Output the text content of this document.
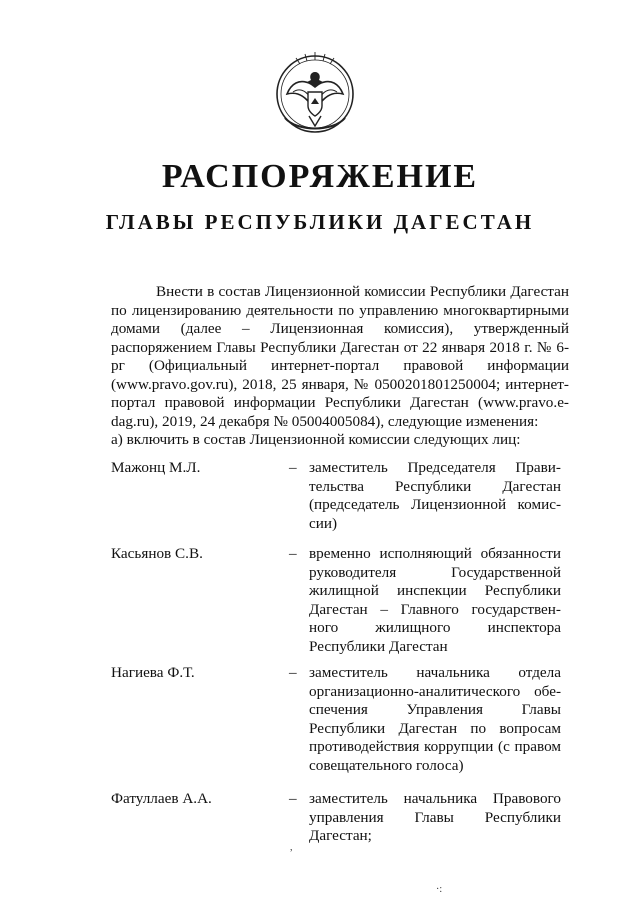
РАСПОРЯЖЕНИЕ
ГЛАВЫ РЕСПУБЛИКИ ДАГЕСТАН
Внести в состав Лицензионной комиссии Республики Дагестан по лицензированию деятельности по управлению многоквартирными домами (далее – Лицензионная комиссия), утвержденный распоряжением Главы Республики Дагестан от 22 января 2018 г. № 6-рг (Официальный интернет-портал правовой информации (www.pravo.gov.ru), 2018, 25 января, № 0500201801250004; интернет-портал правовой информации Республики Дагестан (www.pravo.e-dag.ru), 2019, 24 декабря № 05004005084), следующие изменения:
а) включить в состав Лицензионной комиссии следующих лиц:
Мажонц М.Л.	– заместитель Председателя Прави-тельства Республики Дагестан (председатель Лицензионной комис-сии)
Касьянов С.В.	– временно исполняющий обязанности руководителя Государственной жилищной инспекции Республики Дагестан – Главного государствен-ного жилищного инспектора Республики Дагестан
Нагиева Ф.Т.	– заместитель начальника отдела организационно-аналитического обе-спечения Управления Главы Республики Дагестан по вопросам противодействия коррупции (с правом совещательного голоса)
Фатуллаев А.А.	– заместитель начальника Правового управления Главы Республики Дагестан;
·:
,
